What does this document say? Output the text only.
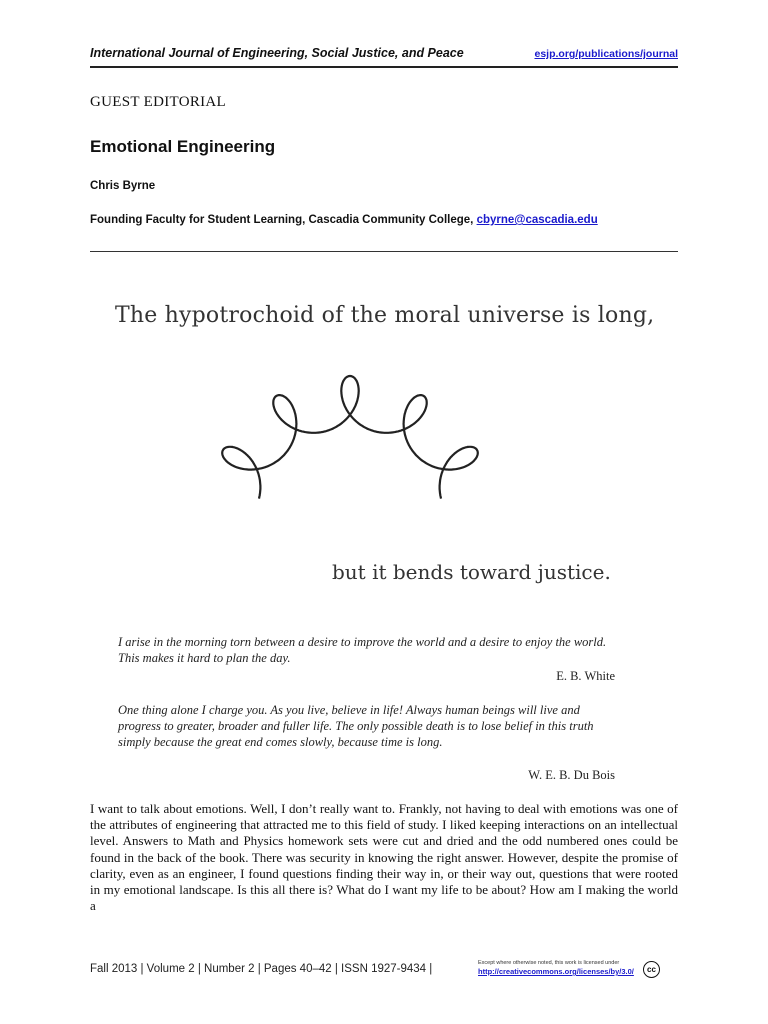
International Journal of Engineering, Social Justice, and Peace	esjp.org/publications/journal
GUEST EDITORIAL
Emotional Engineering
Chris Byrne
Founding Faculty for Student Learning, Cascadia Community College, cbyrne@cascadia.edu
The hypotrochoid of the moral universe is long,
but it bends toward justice.
I arise in the morning torn between a desire to improve the world and a desire to enjoy the world. This makes it hard to plan the day.
E. B. White
One thing alone I charge you. As you live, believe in life! Always human beings will live and progress to greater, broader and fuller life. The only possible death is to lose belief in this truth simply because the great end comes slowly, because time is long.
W. E. B. Du Bois
I want to talk about emotions. Well, I don’t really want to. Frankly, not having to deal with emotions was one of the attributes of engineering that attracted me to this field of study. I liked keeping interactions on an intellectual level. Answers to Math and Physics homework sets were cut and dried and the odd numbered ones could be found in the back of the book. There was security in knowing the right answer. However, despite the promise of clarity, even as an engineer, I found questions finding their way in, or their way out, questions that were rooted in my emotional landscape. Is this all there is? What do I want my life to be about? How am I making the world a
Fall 2013 | Volume 2 | Number 2 | Pages 40–42 | ISSN 1927-9434 |	Except where otherwise noted, this work is licensed under
http://creativecommons.org/licenses/by/3.0/	cc
